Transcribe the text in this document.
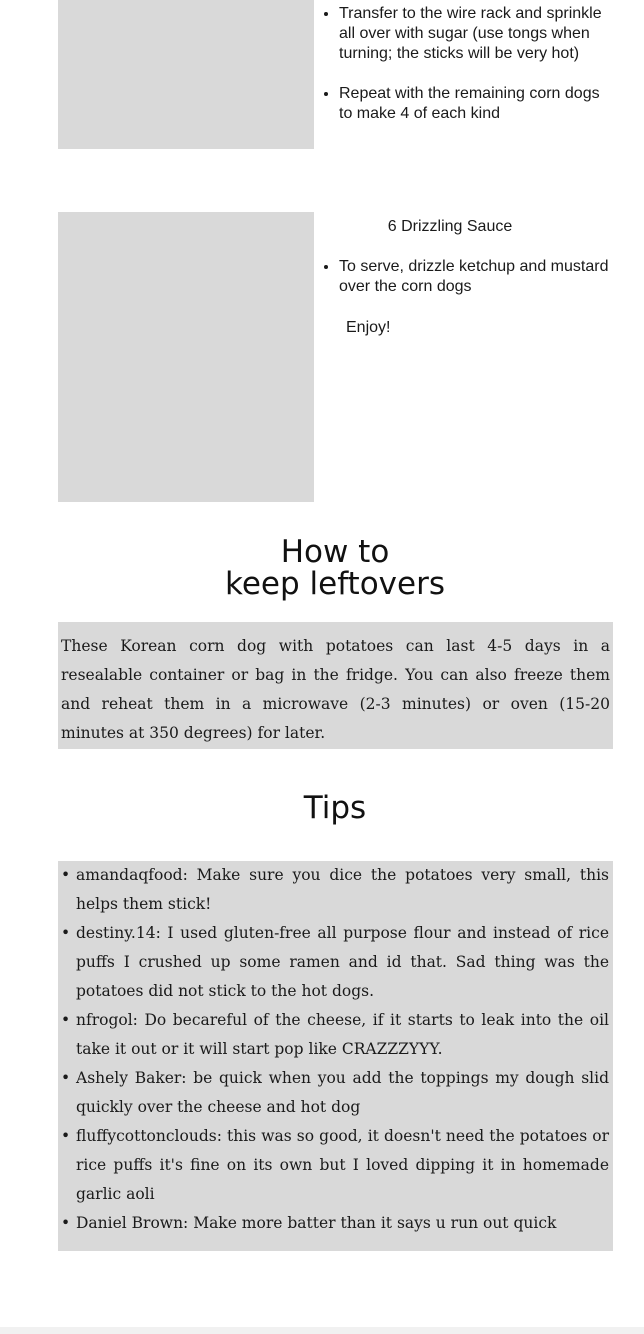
• Transfer to the wire rack and sprinkle all over with sugar (use tongs when turning; the sticks will be very hot)
• Repeat with the remaining corn dogs to make 4 of each kind
6 Drizzling Sauce
• To serve, drizzle ketchup and mustard over the corn dogs
Enjoy!
How to
keep leftovers
These Korean corn dog with potatoes can last 4-5 days in a resealable container or bag in the fridge. You can also freeze them and reheat them in a microwave (2-3 minutes) or oven (15-20 minutes at 350 degrees) for later.
Tips
• amandaqfood: Make sure you dice the potatoes very small, this helps them stick!
• destiny.14: I used gluten-free all purpose flour and instead of rice puffs I crushed up some ramen and id that. Sad thing was the potatoes did not stick to the hot dogs.
• nfrogol: Do becareful of the cheese, if it starts to leak into the oil take it out or it will start pop like CRAZZZYYY.
• Ashely Baker: be quick when you add the toppings my dough slid quickly over the cheese and hot dog
• fluffycottonclouds: this was so good, it doesn't need the potatoes or rice puffs it's fine on its own but I loved dipping it in homemade garlic aoli
• Daniel Brown: Make more batter than it says u run out quick
